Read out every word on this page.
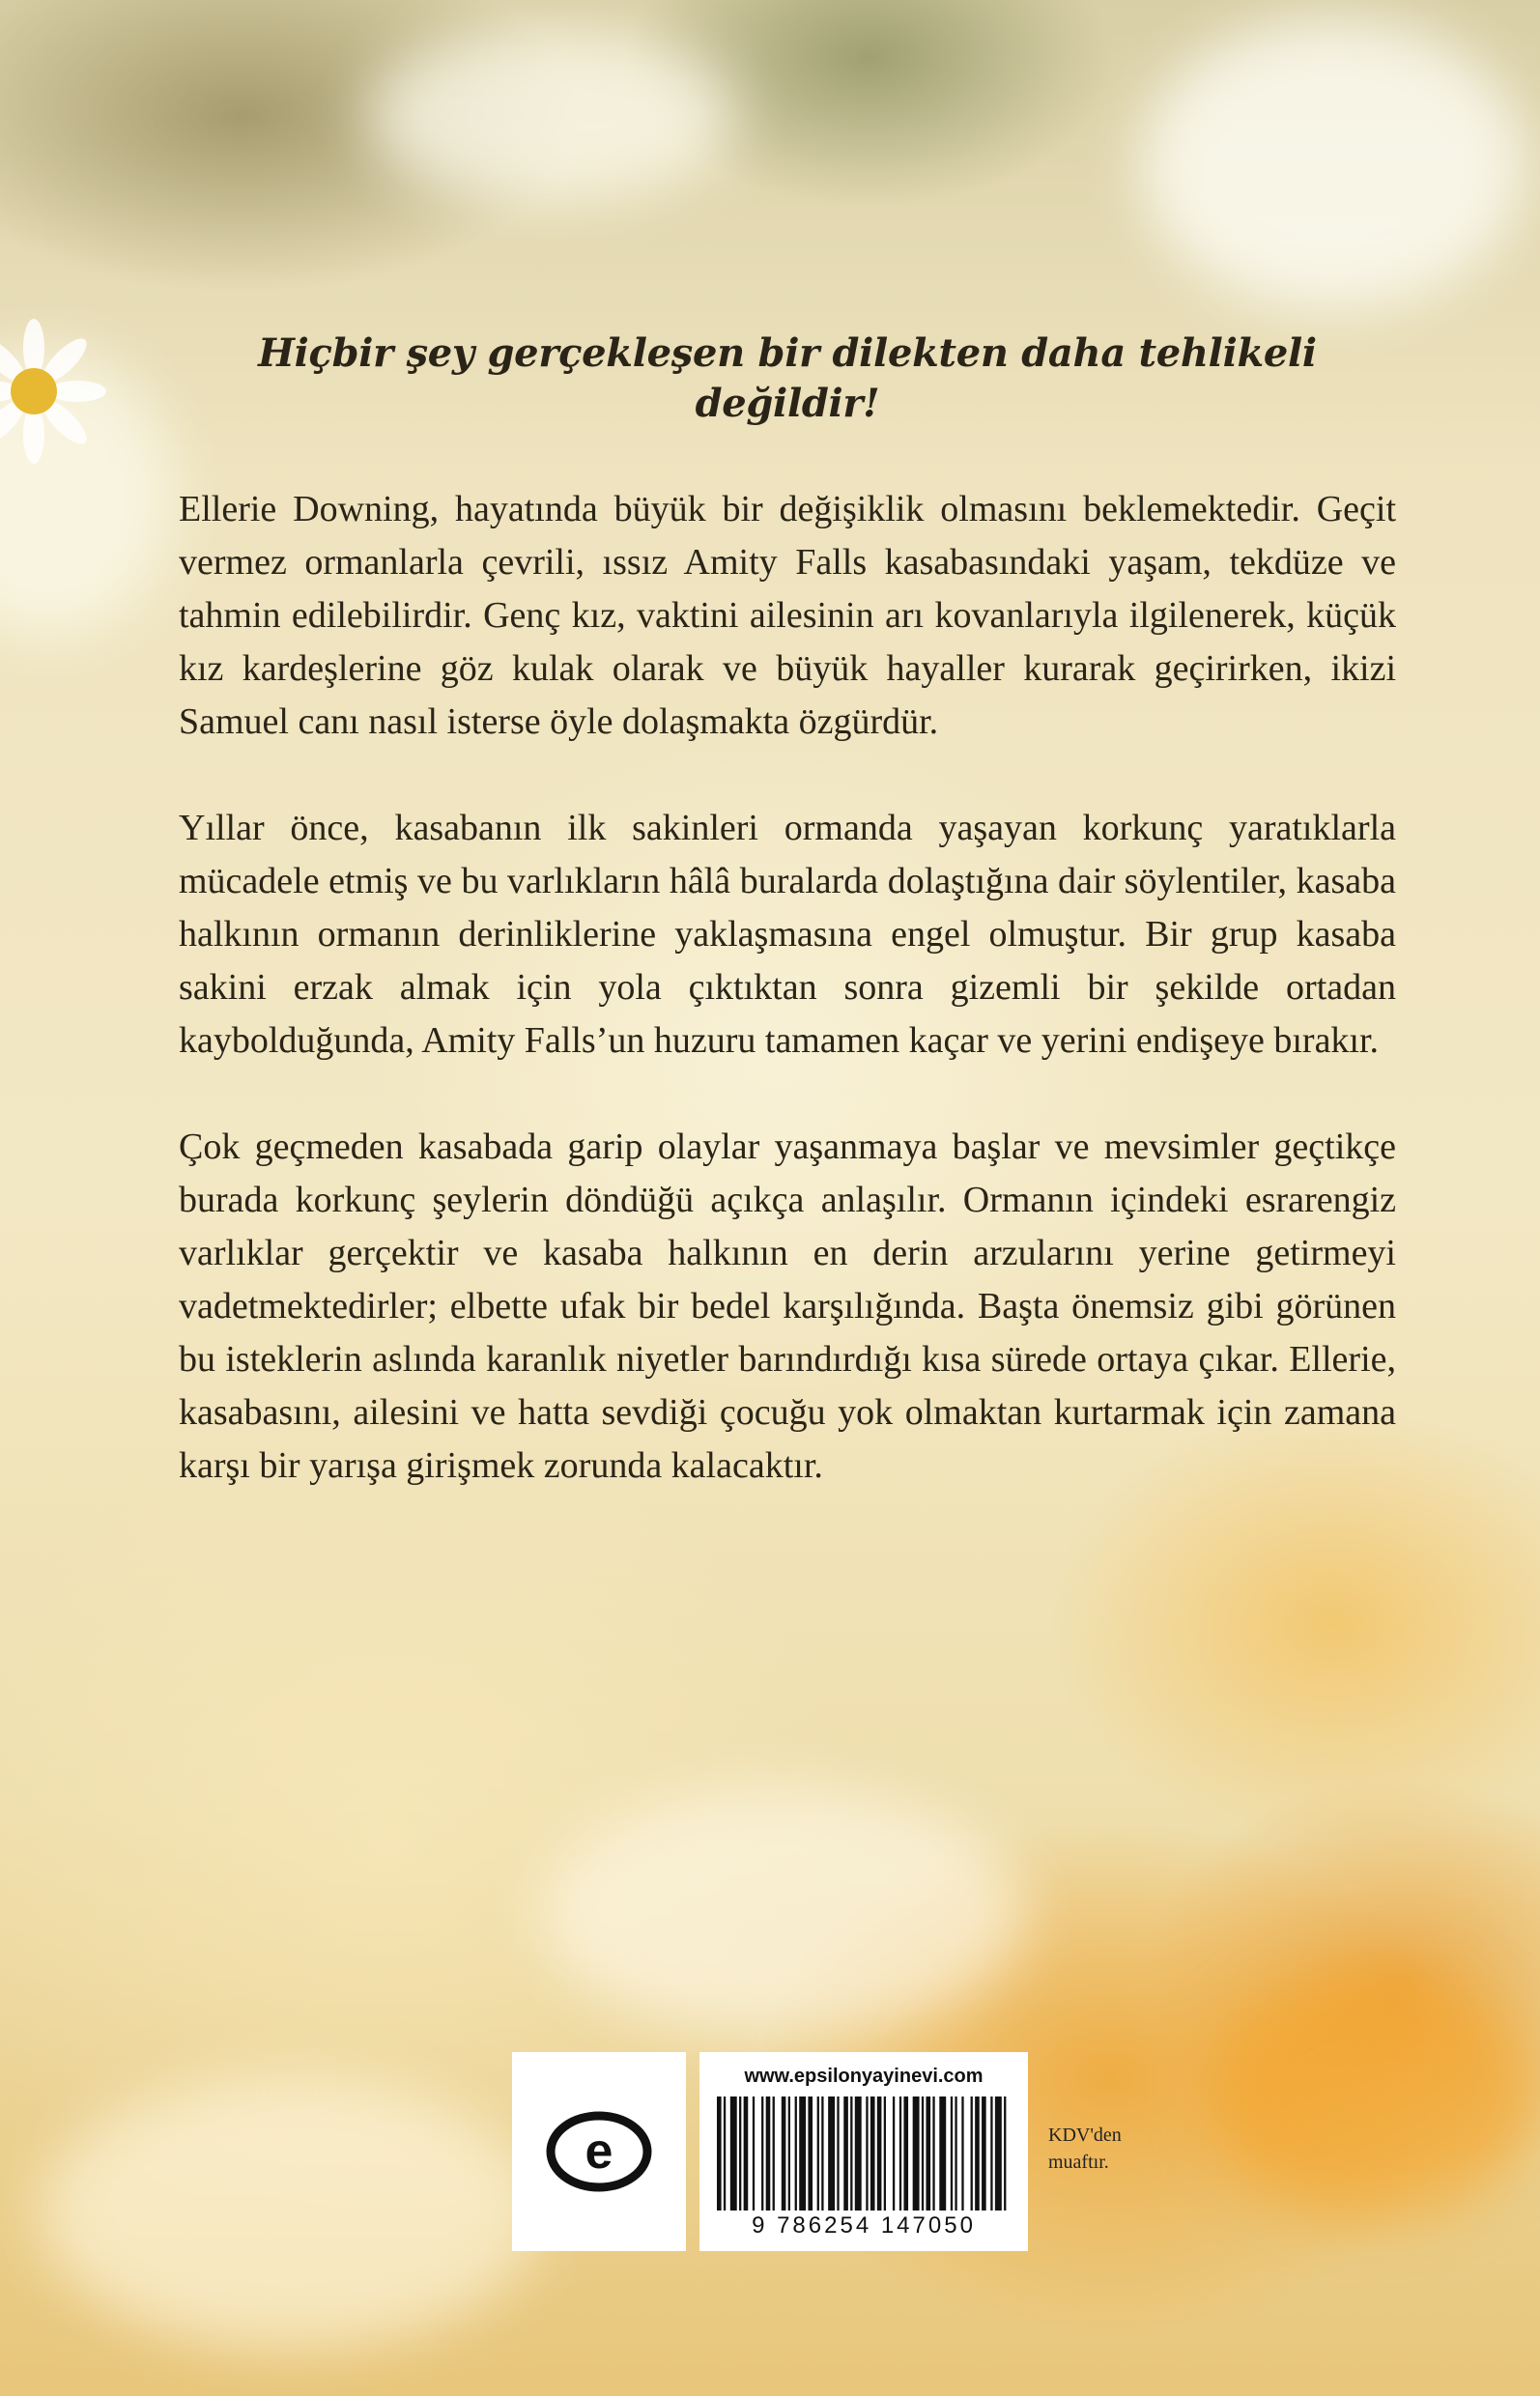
Hiçbir şey gerçekleşen bir dilekten daha tehlikeli değildir!

Ellerie Downing, hayatında büyük bir değişiklik olmasını beklemektedir. Geçit vermez ormanlarla çevrili, ıssız Amity Falls kasabasındaki yaşam, tekdüze ve tahmin edilebilirdir. Genç kız, vaktini ailesinin arı kovanlarıyla ilgilenerek, küçük kız kardeşlerine göz kulak olarak ve büyük hayaller kurarak geçirirken, ikizi Samuel canı nasıl isterse öyle dolaşmakta özgürdür.

Yıllar önce, kasabanın ilk sakinleri ormanda yaşayan korkunç yaratıklarla mücadele etmiş ve bu varlıkların hâlâ buralarda dolaştığına dair söylentiler, kasaba halkının ormanın derinliklerine yaklaşmasına engel olmuştur. Bir grup kasaba sakini erzak almak için yola çıktıktan sonra gizemli bir şekilde ortadan kaybolduğunda, Amity Falls’un huzuru tamamen kaçar ve yerini endişeye bırakır.

Çok geçmeden kasabada garip olaylar yaşanmaya başlar ve mevsimler geçtikçe burada korkunç şeylerin döndüğü açıkça anlaşılır. Ormanın içindeki esrarengiz varlıklar gerçektir ve kasaba halkının en derin arzularını yerine getirmeyi vadetmektedirler; elbette ufak bir bedel karşılığında. Başta önemsiz gibi görünen bu isteklerin aslında karanlık niyetler barındırdığı kısa sürede ortaya çıkar. Ellerie, kasabasını, ailesini ve hatta sevdiği çocuğu yok olmaktan kurtarmak için zamana karşı bir yarışa girişmek zorunda kalacaktır.

e
www.epsilonyayinevi.com
9 786254 147050
KDV'den
muaftır.
